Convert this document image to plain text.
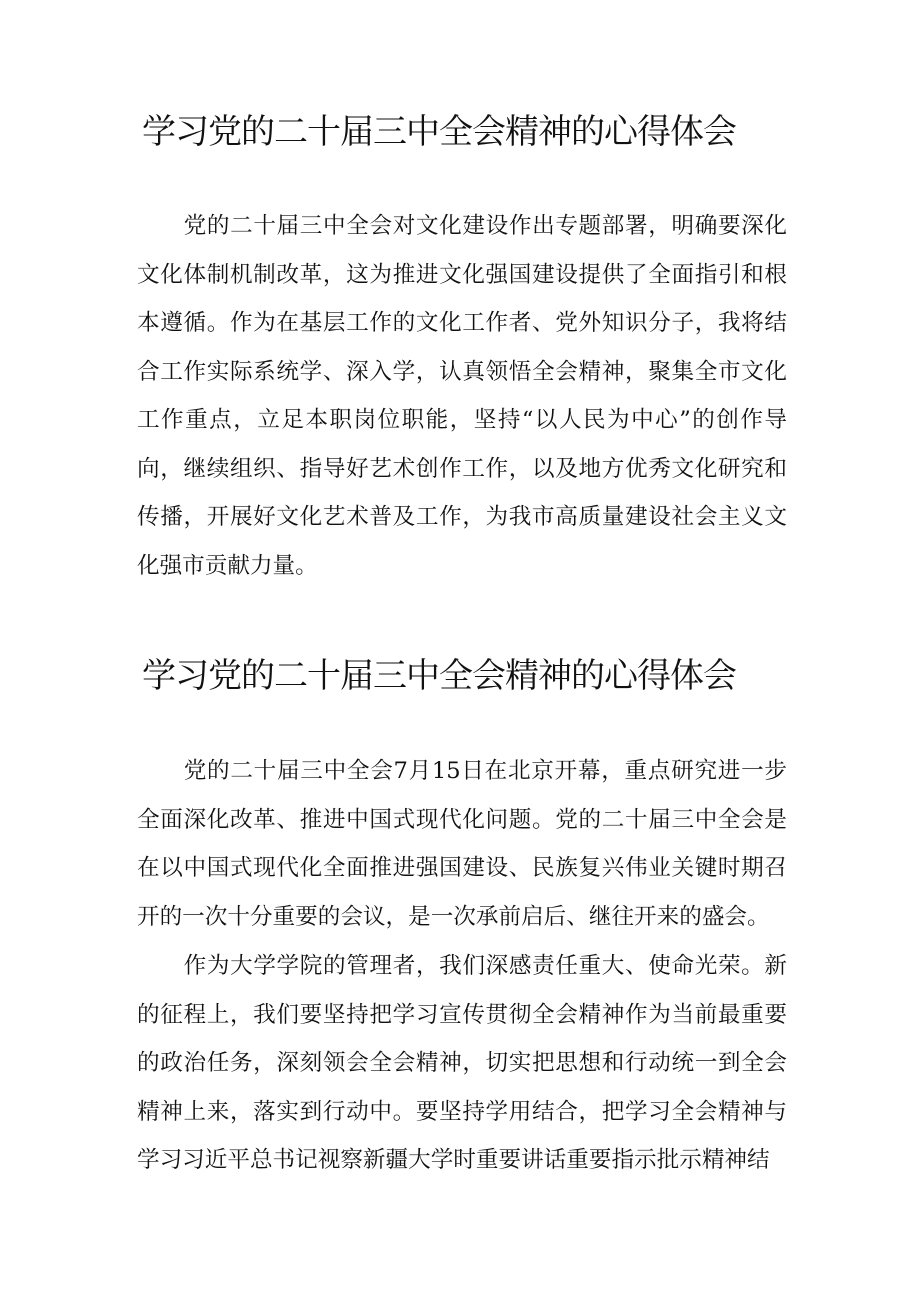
学习党的二十届三中全会精神的心得体会

党的二十届三中全会对文化建设作出专题部署，明确要深化文化体制机制改革，这为推进文化强国建设提供了全面指引和根本遵循。作为在基层工作的文化工作者、党外知识分子，我将结合工作实际系统学、深入学，认真领悟全会精神，聚集全市文化工作重点，立足本职岗位职能，坚持“以人民为中心”的创作导向，继续组织、指导好艺术创作工作，以及地方优秀文化研究和传播，开展好文化艺术普及工作，为我市高质量建设社会主义文化强市贡献力量。

学习党的二十届三中全会精神的心得体会

党的二十届三中全会7月15日在北京开幕，重点研究进一步全面深化改革、推进中国式现代化问题。党的二十届三中全会是在以中国式现代化全面推进强国建设、民族复兴伟业关键时期召开的一次十分重要的会议，是一次承前启后、继往开来的盛会。

作为大学学院的管理者，我们深感责任重大、使命光荣。新的征程上，我们要坚持把学习宣传贯彻全会精神作为当前最重要的政治任务，深刻领会全会精神，切实把思想和行动统一到全会精神上来，落实到行动中。要坚持学用结合，把学习全会精神与学习习近平总书记视察新疆大学时重要讲话重要指示批示精神结
